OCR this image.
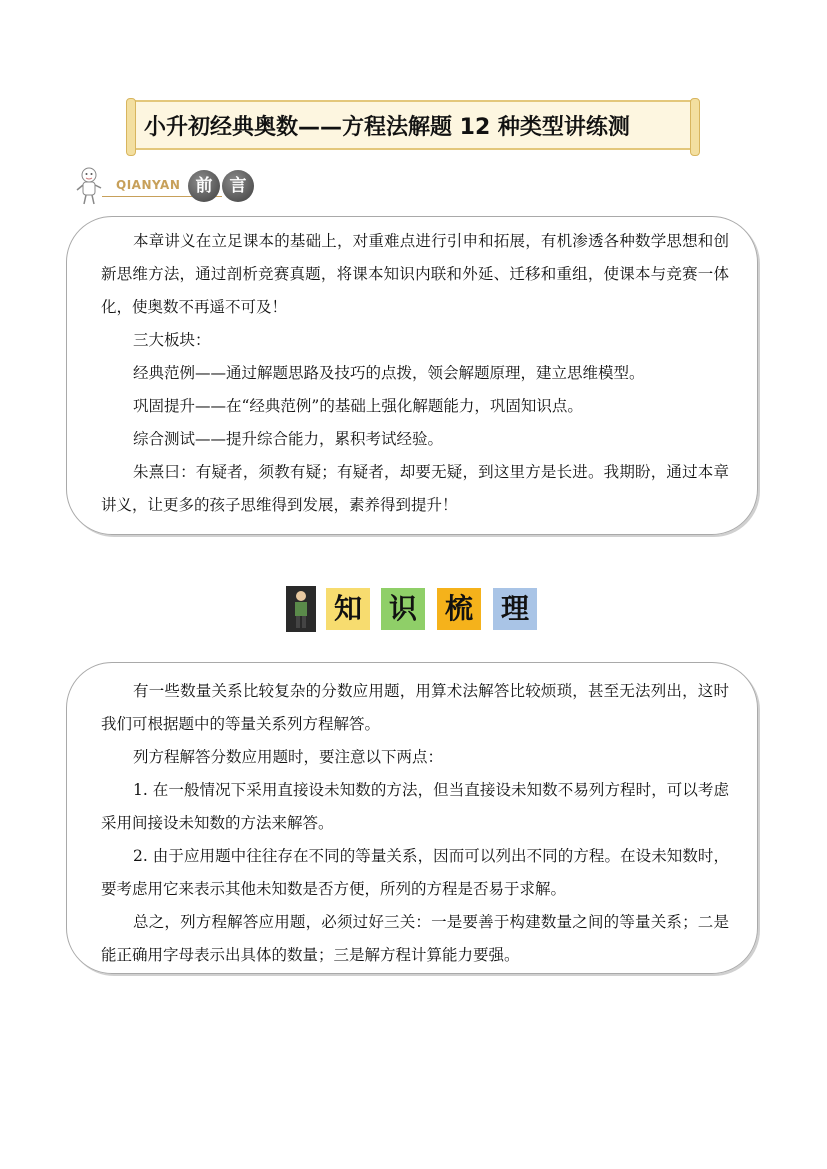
小升初经典奥数——方程法解题 12 种类型讲练测
QIANYAN 前	言

本章讲义在立足课本的基础上，对重难点进行引申和拓展，有机渗透各种数学思想和创新思维方法，通过剖析竞赛真题，将课本知识内联和外延、迁移和重组，使课本与竞赛一体化，使奥数不再遥不可及！

三大板块：

经典范例——通过解题思路及技巧的点拨，领会解题原理，建立思维模型。

巩固提升——在“经典范例”的基础上强化解题能力，巩固知识点。

综合测试——提升综合能力，累积考试经验。

朱熹曰：有疑者，须教有疑；有疑者，却要无疑，到这里方是长进。我期盼，通过本章讲义，让更多的孩子思维得到发展，素养得到提升！

知 识 梳 理

有一些数量关系比较复杂的分数应用题，用算术法解答比较烦琐，甚至无法列出，这时我们可根据题中的等量关系列方程解答。

列方程解答分数应用题时，要注意以下两点：

1. 在一般情况下采用直接设未知数的方法，但当直接设未知数不易列方程时，可以考虑采用间接设未知数的方法来解答。

2. 由于应用题中往往存在不同的等量关系，因而可以列出不同的方程。在设未知数时，要考虑用它来表示其他未知数是否方便，所列的方程是否易于求解。

总之，列方程解答应用题，必须过好三关：一是要善于构建数量之间的等量关系；二是能正确用字母表示出具体的数量；三是解方程计算能力要强。
